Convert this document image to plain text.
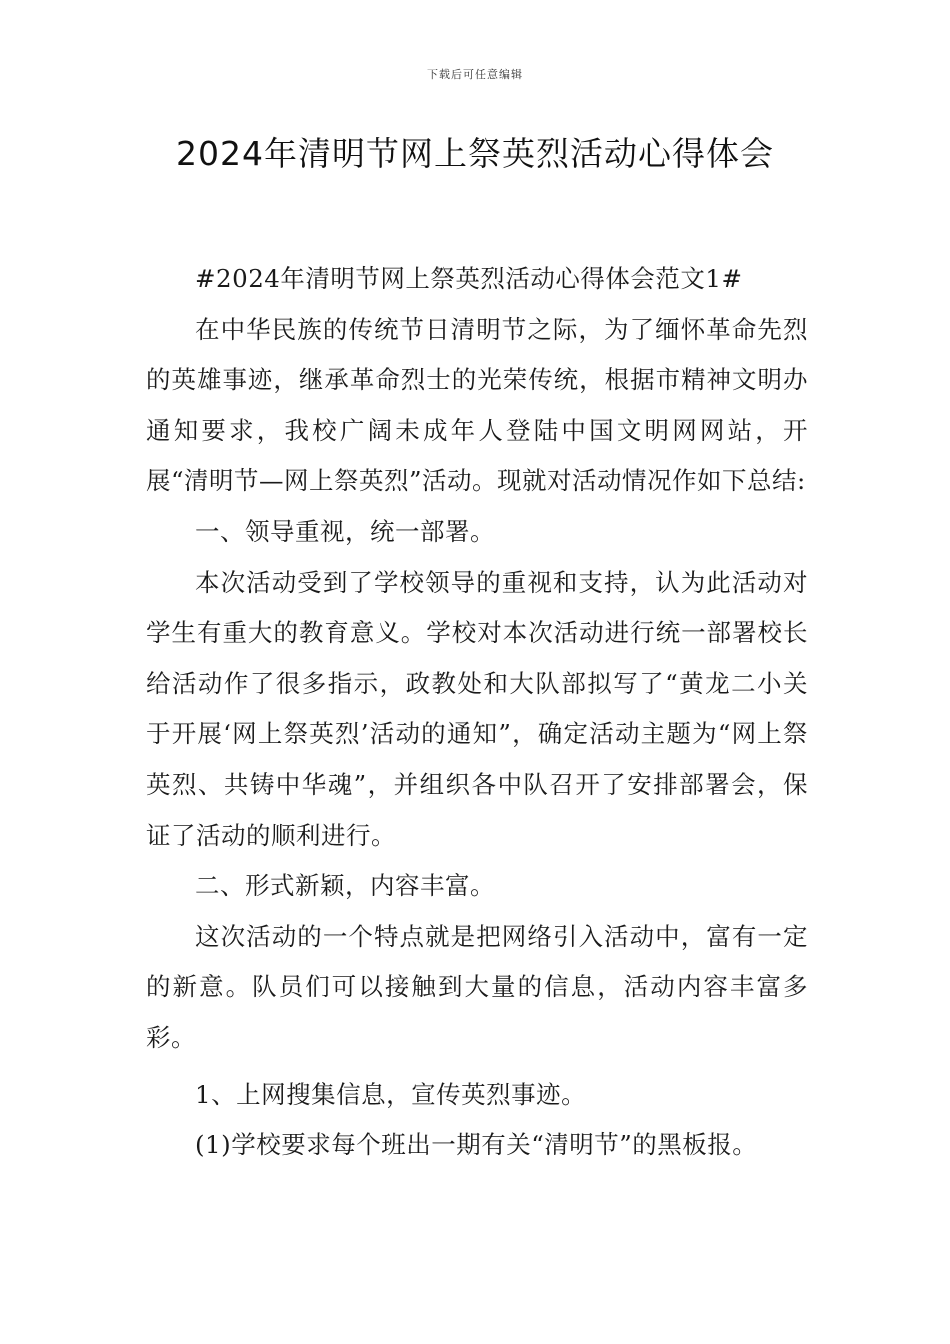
下载后可任意编辑
2024年清明节网上祭英烈活动心得体会

#2024年清明节网上祭英烈活动心得体会范文1#

在中华民族的传统节日清明节之际，为了缅怀革命先烈的英雄事迹，继承革命烈士的光荣传统，根据市精神文明办通知要求，我校广阔未成年人登陆中国文明网网站，开展“清明节—网上祭英烈”活动。现就对活动情况作如下总结:

一、领导重视，统一部署。

本次活动受到了学校领导的重视和支持，认为此活动对学生有重大的教育意义。学校对本次活动进行统一部署校长给活动作了很多指示，政教处和大队部拟写了“黄龙二小关于开展‘网上祭英烈’活动的通知”，确定活动主题为“网上祭英烈、共铸中华魂”，并组织各中队召开了安排部署会，保证了活动的顺利进行。

二、形式新颖，内容丰富。

这次活动的一个特点就是把网络引入活动中，富有一定的新意。队员们可以接触到大量的信息，活动内容丰富多彩。

1、上网搜集信息，宣传英烈事迹。

(1)学校要求每个班出一期有关“清明节”的黑板报。
